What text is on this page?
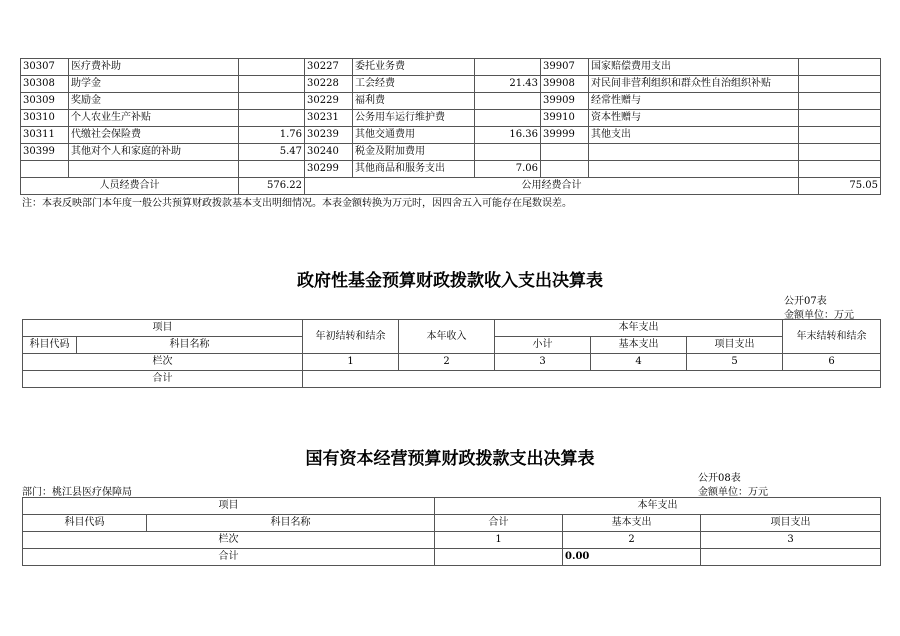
30307	医疗费补助		30227	委托业务费		39907	国家赔偿费用支出	
30308	助学金		30228	工会经费	21.43	39908	对民间非营利组织和群众性自治组织补贴	
30309	奖励金		30229	福利费		39909	经常性赠与	
30310	个人农业生产补贴		30231	公务用车运行维护费		39910	资本性赠与	
30311	代缴社会保险费	1.76	30239	其他交通费用	16.36	39999	其他支出	
30399	其他对个人和家庭的补助	5.47	30240	税金及附加费用				
			30299	其他商品和服务支出	7.06			
人员经费合计		576.22	公用经费合计					75.05
注：本表反映部门本年度一般公共预算财政拨款基本支出明细情况。本表金额转换为万元时，因四舍五入可能存在尾数误差。
政府性基金预算财政拨款收入支出决算表
公开07表
金额单位：万元
项目		年初结转和结余	本年收入	本年支出			年末结转和结余
科目代码	科目名称			小计	基本支出	项目支出	
栏次		1	2	3	4	5	6
合计							
国有资本经营预算财政拨款支出决算表
公开08表
金额单位：万元
部门：桃江县医疗保障局
项目		本年支出		
科目代码	科目名称	合计	基本支出	项目支出
栏次		1	2	3
合计			0.00	
